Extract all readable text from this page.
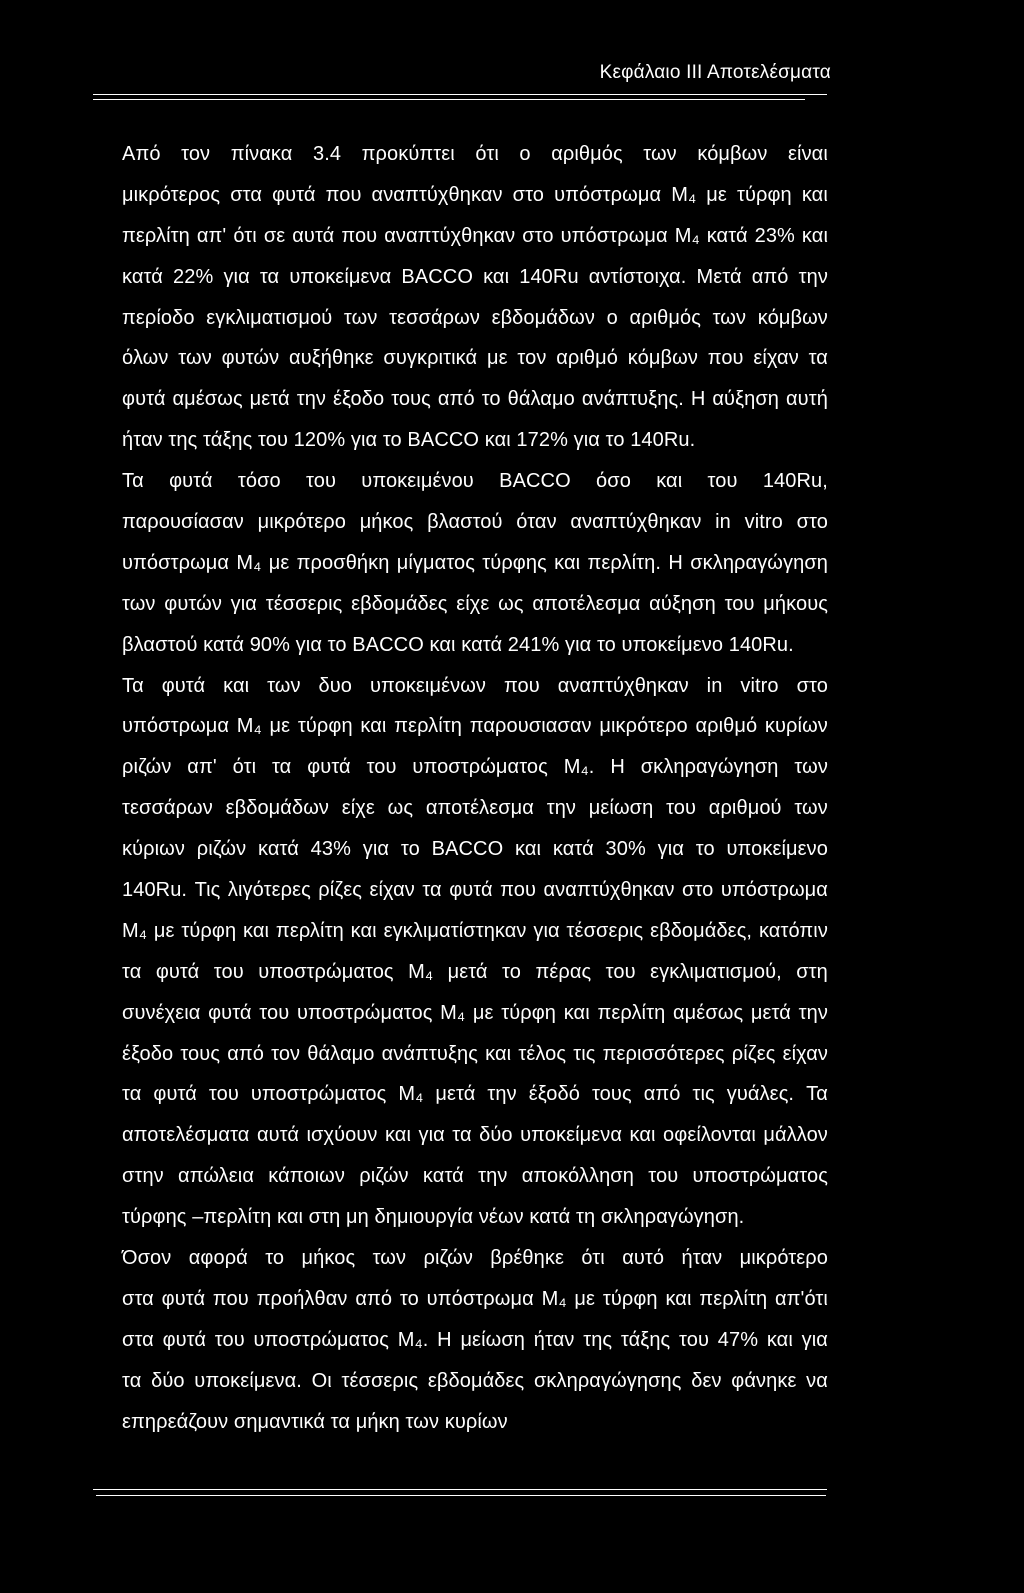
Κεφάλαιο ΙΙΙ Αποτελέσματα
Από τον πίνακα 3.4 προκύπτει ότι ο αριθμός των κόμβων είναι
μικρότερος στα φυτά που αναπτύχθηκαν στο υπόστρωμα M₄ με τύρφη και
περλίτη απ' ότι σε αυτά που αναπτύχθηκαν στο υπόστρωμα M₄ κατά 23% και
κατά 22% για τα υποκείμενα BACCO και 140Ru αντίστοιχα. Μετά από την
περίοδο εγκλιματισμού των τεσσάρων εβδομάδων ο αριθμός των κόμβων
όλων των φυτών αυξήθηκε συγκριτικά με τον αριθμό κόμβων που είχαν τα
φυτά αμέσως μετά την έξοδο τους από το θάλαμο ανάπτυξης. Η αύξηση αυτή
ήταν της τάξης του 120% για το BACCO και 172% για το 140Ru.
Τα φυτά τόσο του υποκειμένου BACCO όσο και του 140Ru,
παρουσίασαν μικρότερο μήκος βλαστού όταν αναπτύχθηκαν in vitro στο
υπόστρωμα M₄ με προσθήκη μίγματος τύρφης και περλίτη. Η σκληραγώγηση
των φυτών για τέσσερις εβδομάδες είχε ως αποτέλεσμα αύξηση του μήκους
βλαστού κατά 90% για το BACCO και κατά 241% για το υποκείμενο 140Ru.
Τα φυτά και των δυο υποκειμένων που αναπτύχθηκαν in vitro στο
υπόστρωμα M₄ με τύρφη και περλίτη παρουσιασαν μικρότερο αριθμό κυρίων
ριζών απ' ότι τα φυτά του υποστρώματος M₄. Η σκληραγώγηση των
τεσσάρων εβδομάδων είχε ως αποτέλεσμα την μείωση του αριθμού των
κύριων ριζών κατά 43% για το BACCO και κατά 30% για το υποκείμενο
140Ru. Τις λιγότερες ρίζες είχαν τα φυτά που αναπτύχθηκαν στο υπόστρωμα
M₄ με τύρφη και περλίτη και εγκλιματίστηκαν για τέσσερις εβδομάδες, κατόπιν
τα φυτά του υποστρώματος M₄ μετά το πέρας του εγκλιματισμού, στη
συνέχεια φυτά του υποστρώματος M₄ με τύρφη και περλίτη αμέσως μετά την
έξοδο τους από τον θάλαμο ανάπτυξης και τέλος τις περισσότερες ρίζες είχαν
τα φυτά του υποστρώματος M₄ μετά την έξοδό τους από τις γυάλες. Τα
αποτελέσματα αυτά ισχύουν και για τα δύο υποκείμενα και οφείλονται μάλλον
στην απώλεια κάποιων ριζών κατά την αποκόλληση του υποστρώματος
τύρφης –περλίτη και στη μη δημιουργία νέων κατά τη σκληραγώγηση.
Όσον αφορά το μήκος των ριζών βρέθηκε ότι αυτό ήταν μικρότερο
στα φυτά που προήλθαν από το υπόστρωμα M₄ με τύρφη και περλίτη απ'ότι
στα φυτά του υποστρώματος M₄. Η μείωση ήταν της τάξης του 47% και για
τα δύο υποκείμενα. Οι τέσσερις εβδομάδες σκληραγώγησης δεν φάνηκε να
επηρεάζουν σημαντικά τα μήκη των κυρίων
